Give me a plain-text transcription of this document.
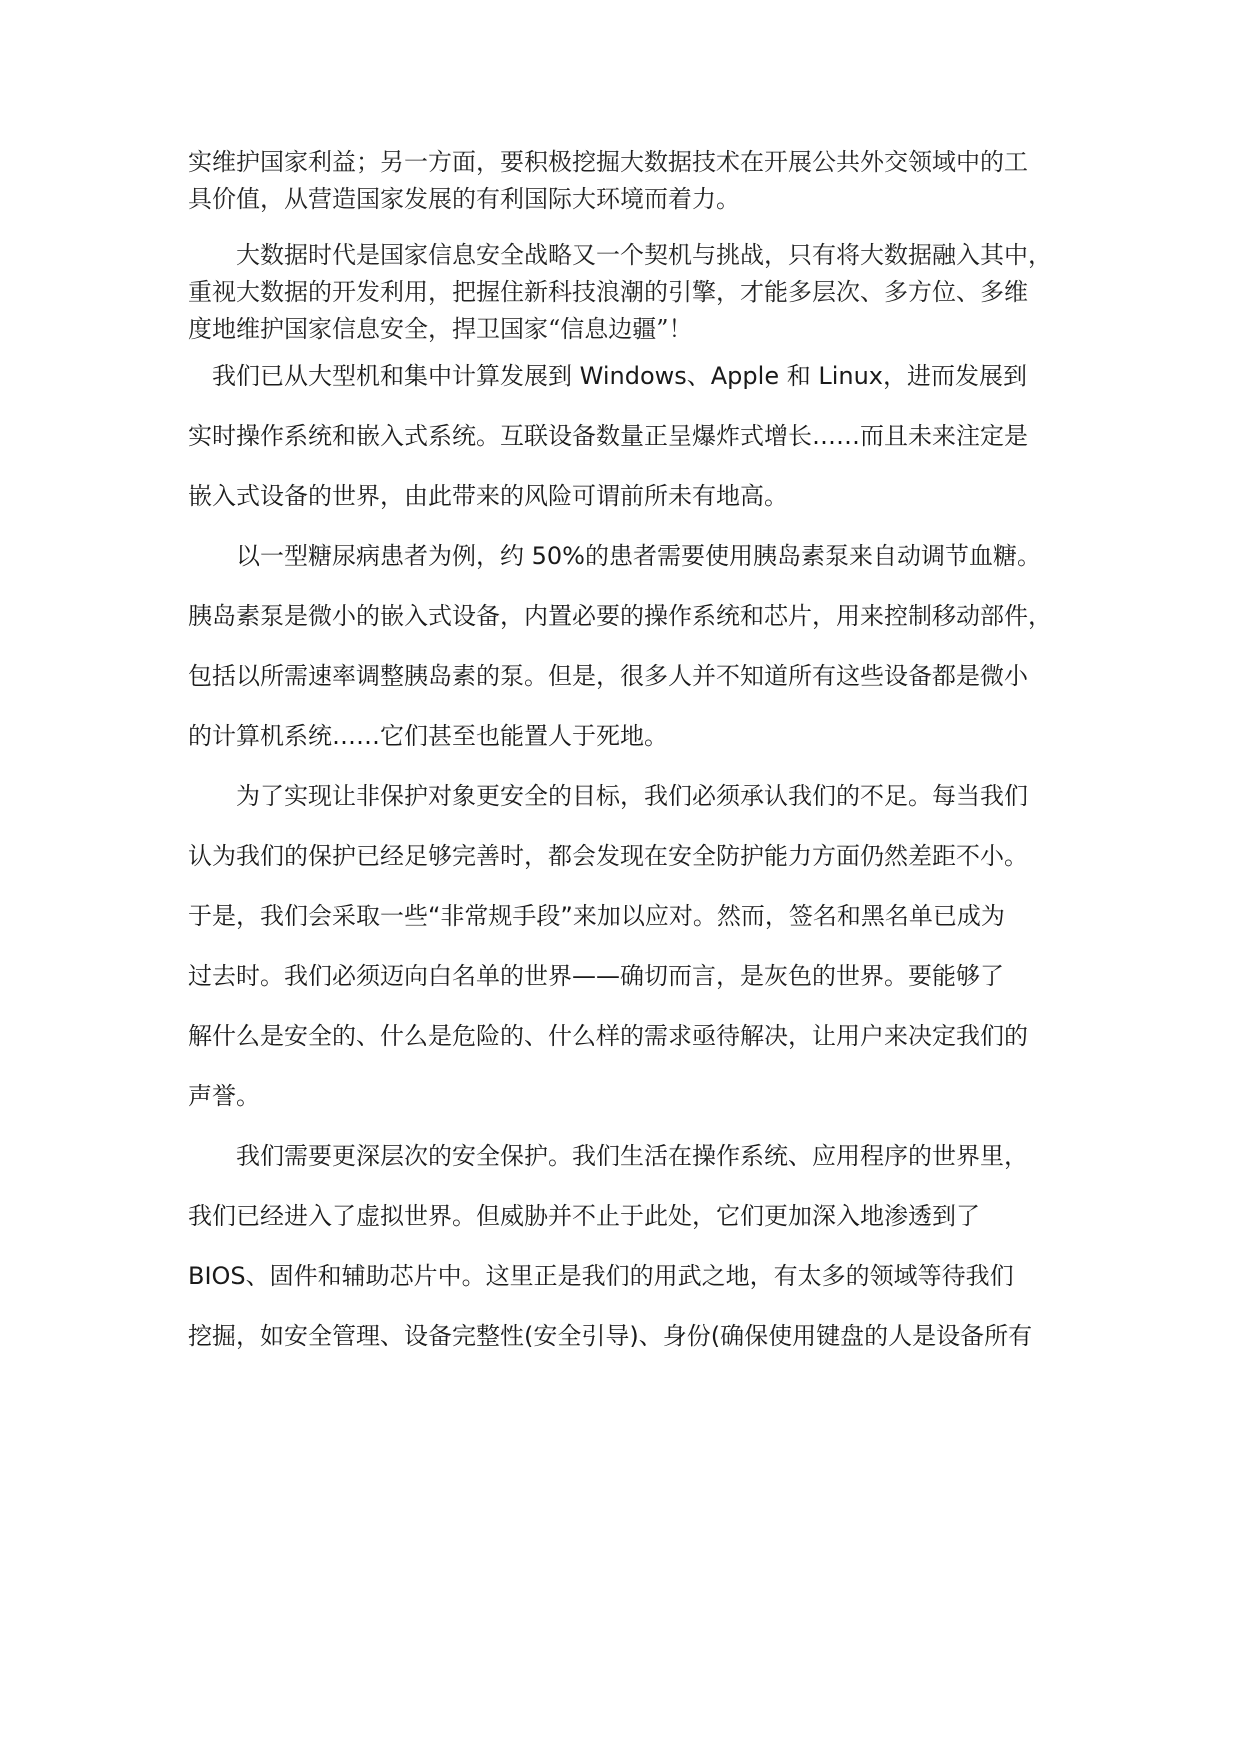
实维护国家利益；另一方面，要积极挖掘大数据技术在开展公共外交领域中的工
具价值，从营造国家发展的有利国际大环境而着力。
大数据时代是国家信息安全战略又一个契机与挑战，只有将大数据融入其中，
重视大数据的开发利用，把握住新科技浪潮的引擎，才能多层次、多方位、多维
度地维护国家信息安全，捍卫国家“信息边疆”！
我们已从大型机和集中计算发展到 Windows、Apple 和 Linux，进而发展到
实时操作系统和嵌入式系统。互联设备数量正呈爆炸式增长……而且未来注定是
嵌入式设备的世界，由此带来的风险可谓前所未有地高。
以一型糖尿病患者为例，约 50%的患者需要使用胰岛素泵来自动调节血糖。
胰岛素泵是微小的嵌入式设备，内置必要的操作系统和芯片，用来控制移动部件，
包括以所需速率调整胰岛素的泵。但是，很多人并不知道所有这些设备都是微小
的计算机系统……它们甚至也能置人于死地。
为了实现让非保护对象更安全的目标，我们必须承认我们的不足。每当我们
认为我们的保护已经足够完善时，都会发现在安全防护能力方面仍然差距不小。
于是，我们会采取一些“非常规手段”来加以应对。然而，签名和黑名单已成为
过去时。我们必须迈向白名单的世界——确切而言，是灰色的世界。要能够了
解什么是安全的、什么是危险的、什么样的需求亟待解决，让用户来决定我们的
声誉。
我们需要更深层次的安全保护。我们生活在操作系统、应用程序的世界里，
我们已经进入了虚拟世界。但威胁并不止于此处，它们更加深入地渗透到了
BIOS、固件和辅助芯片中。这里正是我们的用武之地，有太多的领域等待我们
挖掘，如安全管理、设备完整性(安全引导)、身份(确保使用键盘的人是设备所有
